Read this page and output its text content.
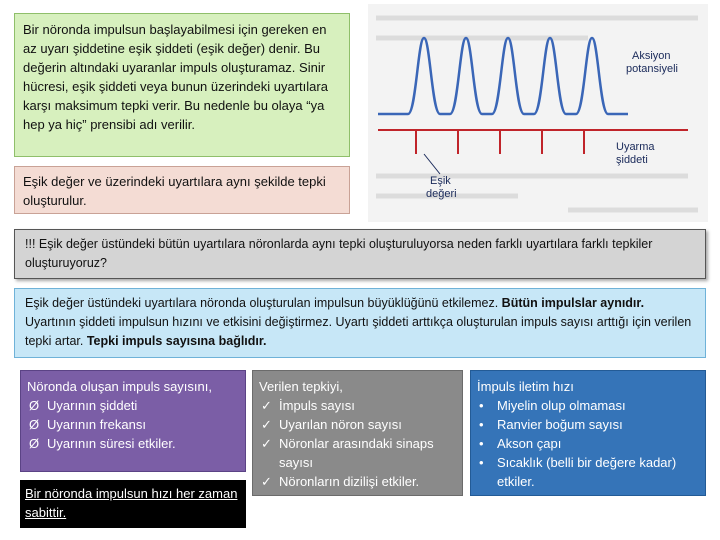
Bir nöronda impulsun başlayabilmesi için gereken en az uyarı şiddetine eşik şiddeti (eşik değer) denir. Bu değerin altındaki uyaranlar impuls oluşturamaz. Sinir hücresi, eşik şiddeti veya bunun üzerindeki uyartılara karşı maksimum tepki verir. Bu nedenle bu olaya “ya hep ya hiç” prensibi adı verilir.
Eşik değer ve üzerindeki uyartılara aynı şekilde tepki oluşturulur.
Aksiyon
potansiyeli
Uyarma
şiddeti
Eşik
değeri
!!! Eşik değer üstündeki bütün uyartılara nöronlarda aynı tepki oluşturuluyorsa neden farklı uyartılara farklı tepkiler oluşturuyoruz?
Eşik değer üstündeki uyartılara nöronda oluşturulan impulsun büyüklüğünü etkilemez. Bütün impulslar aynıdır. Uyartının şiddeti impulsun hızını ve etkisini değiştirmez. Uyartı şiddeti arttıkça oluşturulan impuls sayısı arttığı için verilen tepki artar. Tepki impuls sayısına bağlıdır.
Nöronda oluşan impuls sayısını,
Ø Uyarının şiddeti
Ø Uyarının frekansı
Ø Uyarının süresi etkiler.
Bir nöronda impulsun hızı her zaman sabittir.
Verilen tepkiyi,
✓ İmpuls sayısı
✓ Uyarılan nöron sayısı
✓ Nöronlar arasındaki sinaps sayısı
✓ Nöronların dizilişi etkiler.
İmpuls iletim hızı
• Miyelin olup olmaması
• Ranvier boğum sayısı
• Akson çapı
• Sıcaklık (belli bir değere kadar) etkiler.
